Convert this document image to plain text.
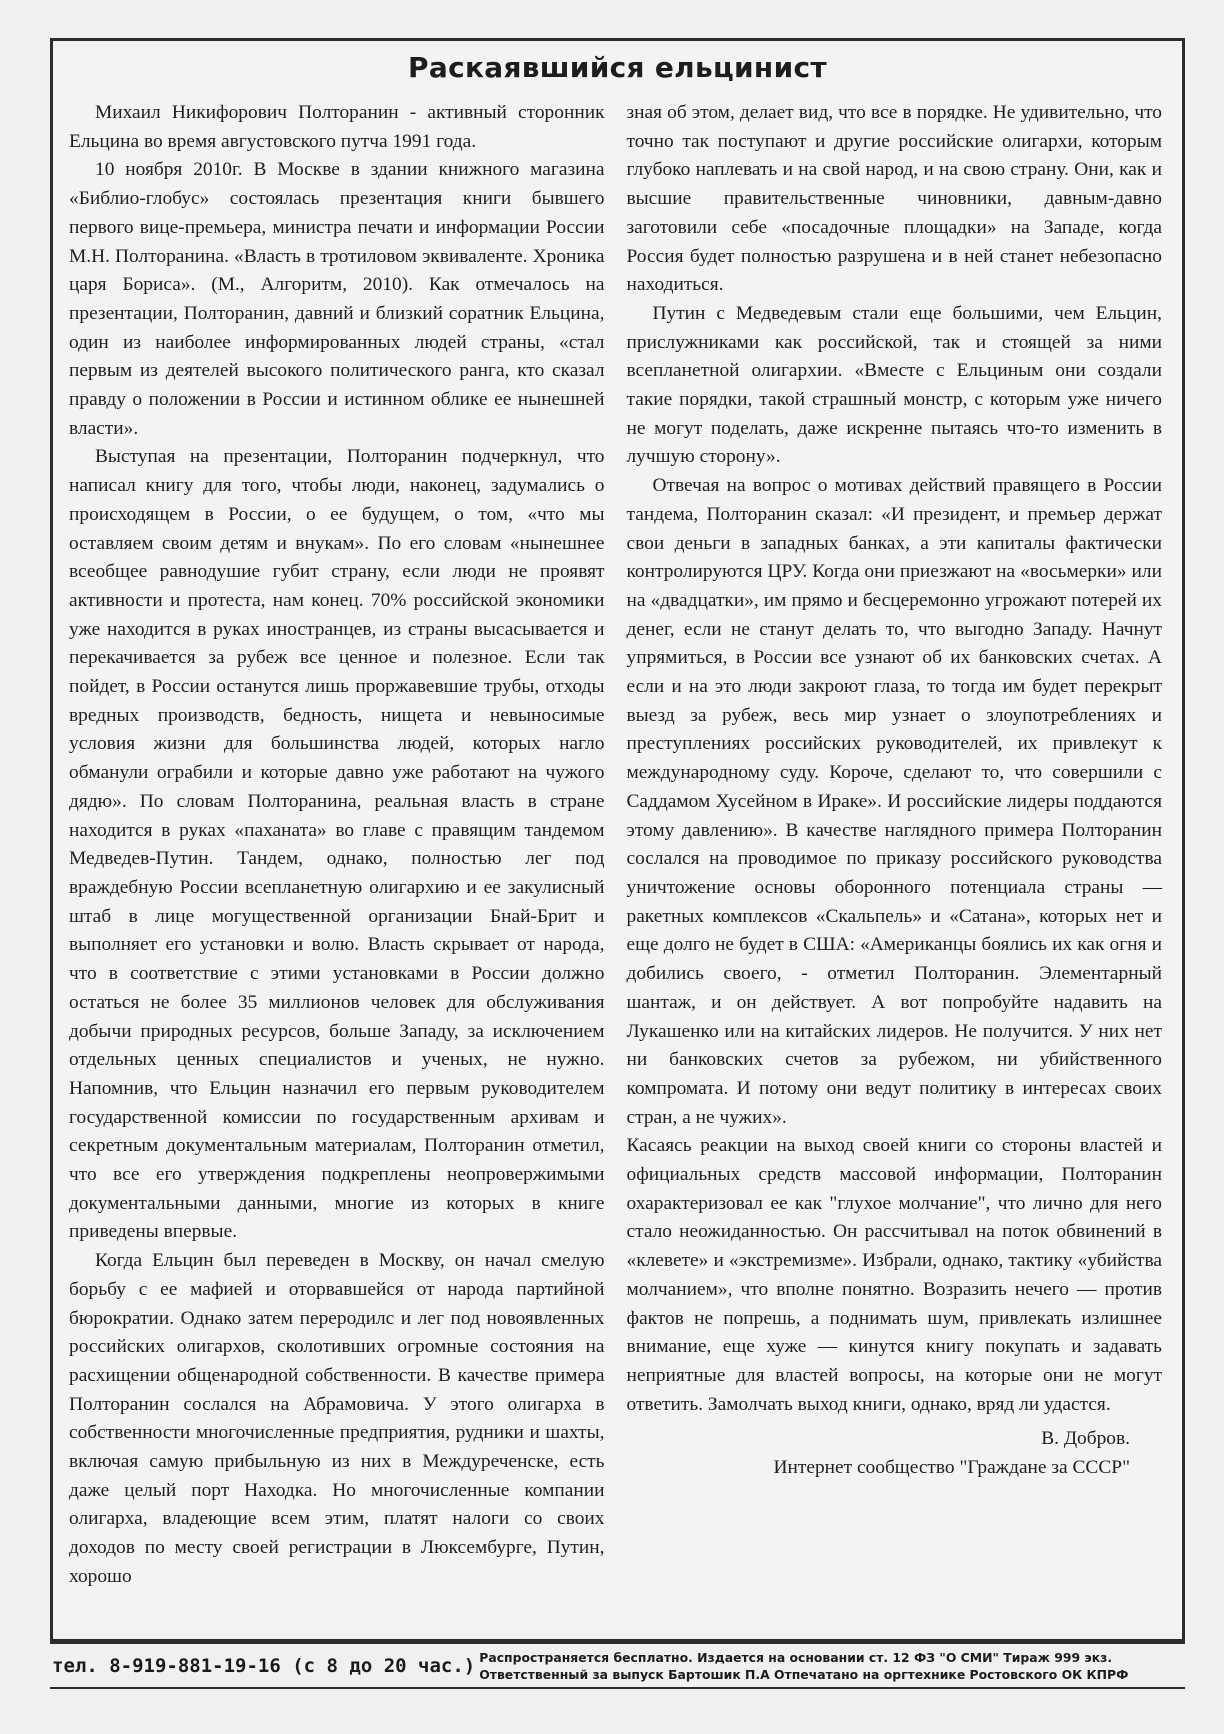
Раскаявшийся ельцинист

Михаил Никифорович Полторанин - активный сторонник Ельцина во время августовского путча 1991 года.

10 ноября 2010г. В Москве в здании книжного магазина «Библио-глобус» состоялась презентация книги бывшего первого вице-премьера, министра печати и информации России М.Н. Полторанина. «Власть в тротиловом эквиваленте. Хроника царя Бориса». (М., Алгоритм, 2010). Как отмечалось на презентации, Полторанин, давний и близкий соратник Ельцина, один из наиболее информированных людей страны, «стал первым из деятелей высокого политического ранга, кто сказал правду о положении в России и истинном облике ее нынешней власти».

Выступая на презентации, Полторанин подчеркнул, что написал книгу для того, чтобы люди, наконец, задумались о происходящем в России, о ее будущем, о том, «что мы оставляем своим детям и внукам». По его словам «нынешнее всеобщее равнодушие губит страну, если люди не проявят активности и протеста, нам конец. 70% российской экономики уже находится в руках иностранцев, из страны высасывается и перекачивается за рубеж все ценное и полезное. Если так пойдет, в России останутся лишь проржавевшие трубы, отходы вредных производств, бедность, нищета и невыносимые условия жизни для большинства людей, которых нагло обманули ограбили и которые давно уже работают на чужого дядю». По словам Полторанина, реальная власть в стране находится в руках «паханата» во главе с правящим тандемом Медведев-Путин. Тандем, однако, полностью лег под враждебную России всепланетную олигархию и ее закулисный штаб в лице могущественной организации Бнай-Брит и выполняет его установки и волю. Власть скрывает от народа, что в соответствие с этими установками в России должно остаться не более 35 миллионов человек для обслуживания добычи природных ресурсов, больше Западу, за исключением отдельных ценных специалистов и ученых, не нужно. Напомнив, что Ельцин назначил его первым руководителем государственной комиссии по государственным архивам и секретным документальным материалам, Полторанин отметил, что все его утверждения подкреплены неопровержимыми документальными данными, многие из которых в книге приведены впервые.

Когда Ельцин был переведен в Москву, он начал смелую борьбу с ее мафией и оторвавшейся от народа партийной бюрократии. Однако затем перeродилс и лег под новоявленных российских олигархов, сколотивших огромные состояния на расхищении общенародной собственности. В качестве примера Полторанин сослался на Абрамовича. У этого олигарха в собственности многочисленные предприятия, рудники и шахты, включая самую прибыльную из них в Междуреченске, есть даже целый порт Находка. Но многочисленные компании олигарха, владеющие всем этим, платят налоги со своих доходов по месту своей регистрации в Люксембурге, Путин, хорошо

зная об этом, делает вид, что все в порядке. Не удивительно, что точно так поступают и другие российские олигархи, которым глубоко наплевать и на свой народ, и на свою страну. Они, как и высшие правительственные чиновники, давным-давно заготовили себе «посадочные площадки» на Западе, когда Россия будет полностью разрушена и в ней станет небезопасно находиться.

Путин с Медведевым стали еще большими, чем Ельцин, прислужниками как российской, так и стоящей за ними всепланетной олигархии. «Вместе с Ельциным они создали такие порядки, такой страшный монстр, с которым уже ничего не могут поделать, даже искренне пытаясь что-то изменить в лучшую сторону».

Отвечая на вопрос о мотивах действий правящего в России тандема, Полторанин сказал: «И президент, и премьер держат свои деньги в западных банках, а эти капиталы фактически контролируются ЦРУ. Когда они приезжают на «восьмерки» или на «двадцатки», им прямо и бесцеремонно угрожают потерей их денег, если не станут делать то, что выгодно Западу. Начнут упрямиться, в России все узнают об их банковских счетах. А если и на это люди закроют глаза, то тогда им будет перекрыт выезд за рубеж, весь мир узнает о злоупотреблениях и преступлениях российских руководителей, их привлекут к международному суду. Короче, сделают то, что совершили с Саддамом Хусейном в Ираке». И российские лидеры поддаются этому давлению». В качестве наглядного примера Полторанин сослался на проводимое по приказу российского руководства уничтожение основы оборонного потенциала страны — ракетных комплексов «Скальпель» и «Сатана», которых нет и еще долго не будет в США: «Американцы боялись их как огня и добились своего, - отметил Полторанин. Элементарный шантаж, и он действует. А вот попробуйте надавить на Лукашенко или на китайских лидеров. Не получится. У них нет ни банковских счетов за рубежом, ни убийственного компромата. И потому они ведут политику в интересах своих стран, а не чужих».

Касаясь реакции на выход своей книги со стороны властей и официальных средств массовой информации, Полторанин охарактеризовал ее как "глухое молчание", что лично для него стало неожиданностью. Он рассчитывал на поток обвинений в «клевете» и «экстремизме». Избрали, однако, тактику «убийства молчанием», что вполне понятно. Возразить нечего — против фактов не попрешь, а поднимать шум, привлекать излишнее внимание, еще хуже — кинутся книгу покупать и задавать неприятные для властей вопросы, на которые они не могут ответить. Замолчать выход книги, однако, вряд ли удастся.

В. Добров.
Интернет сообщество "Граждане за СССР"
тел. 8-919-881-19-16 (с 8 до 20 час.) Распространяется бесплатно. Издается на основании ст. 12 ФЗ "О СМИ" Тираж 999 экз.
Ответственный за выпуск Бартошик П.А Отпечатано на оргтехнике Ростовского ОК КПРФ
